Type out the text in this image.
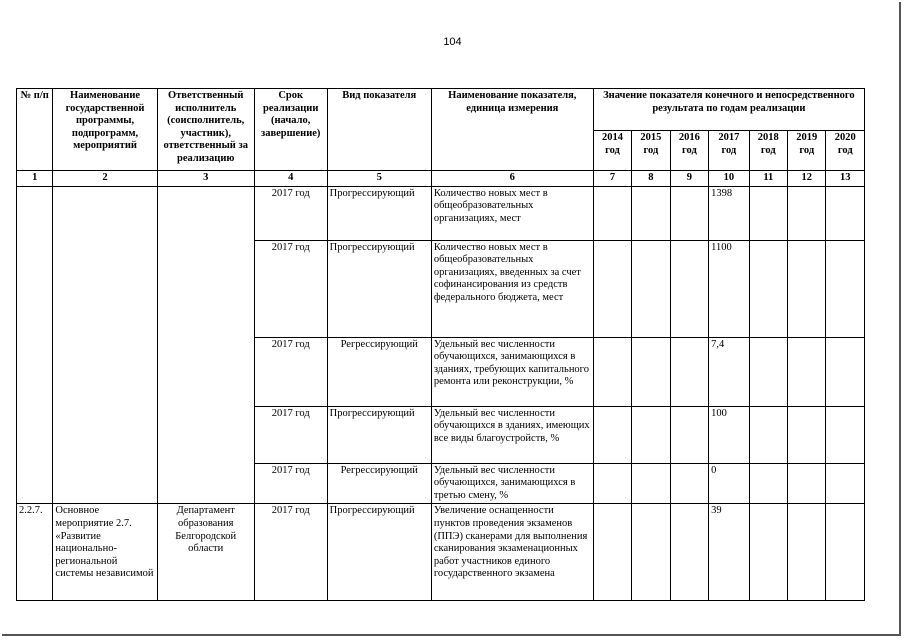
104
№ п/п	Наименование государственной программы, подпрограмм, мероприятий	Ответственный исполнитель (соисполнитель, участник), ответственный за реализацию	Срок реализации (начало, завершение)	Вид показателя	Наименование показателя, единица измерения	Значение показателя конечного и непосредственного результата по годам реализации						
						2014 год	2015 год	2016 год	2017 год	2018 год	2019 год	2020 год
1	2	3	4	5	6	7	8	9	10	11	12	13
			2017 год	Прогрессирующий	Количество новых мест в общеобразовательных организациях, мест				1398			
			2017 год	Прогрессирующий	Количество новых мест в общеобразовательных организациях, введенных за счет софинансирования из средств федерального бюджета, мест				1100			
			2017 год	Регрессирующий	Удельный вес численности обучающихся, занимающихся в зданиях, требующих капитального ремонта или реконструкции, %				7,4			
			2017 год	Прогрессирующий	Удельный вес численности обучающихся в зданиях, имеющих все виды благоустройств, %				100			
			2017 год	Регрессирующий	Удельный вес численности обучающихся, занимающихся в третью смену, %				0			
2.2.7.	Основное мероприятие 2.7. «Развитие национально-региональной системы независимой	Департамент образования Белгородской области	2017 год	Прогрессирующий	Увеличение оснащенности пунктов проведения экзаменов (ППЭ) сканерами для выполнения сканирования экзаменационных работ участников единого государственного экзамена				39			
